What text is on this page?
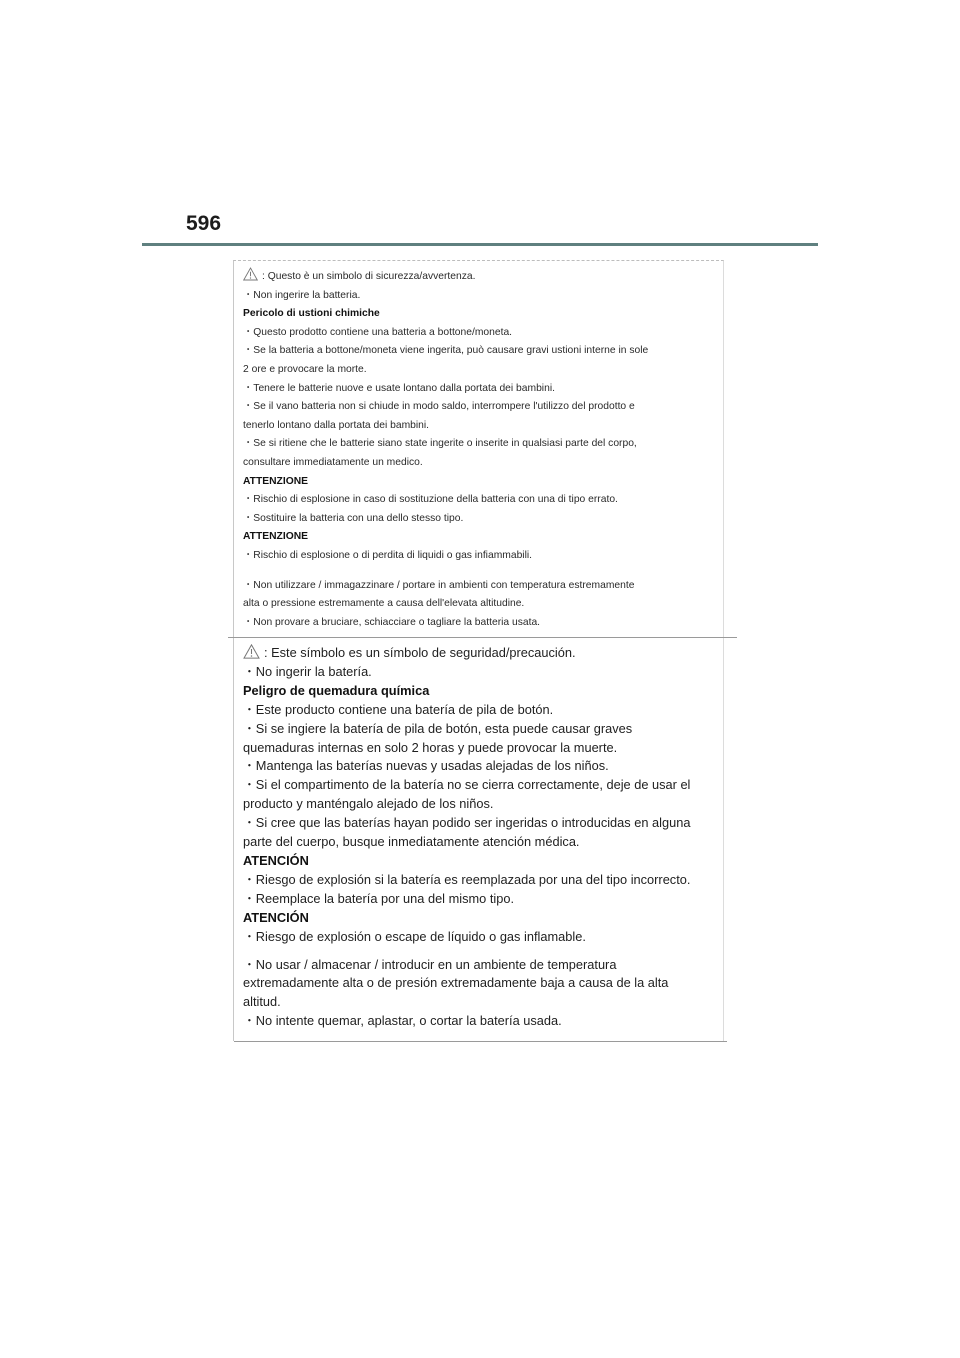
596
: Questo è un simbolo di sicurezza/avvertenza.
・Non ingerire la batteria.
Pericolo di ustioni chimiche
・Questo prodotto contiene una batteria a bottone/moneta.
・Se la batteria a bottone/moneta viene ingerita, può causare gravi ustioni interne in sole
2 ore e provocare la morte.
・Tenere le batterie nuove e usate lontano dalla portata dei bambini.
・Se il vano batteria non si chiude in modo saldo, interrompere l'utilizzo del prodotto e
tenerlo lontano dalla portata dei bambini.
・Se si ritiene che le batterie siano state ingerite o inserite in qualsiasi parte del corpo,
consultare immediatamente un medico.
ATTENZIONE
・Rischio di esplosione in caso di sostituzione della batteria con una di tipo errato.
・Sostituire la batteria con una dello stesso tipo.
ATTENZIONE
・Rischio di esplosione o di perdita di liquidi o gas infiammabili.
・Non utilizzare / immagazzinare / portare in ambienti con temperatura estremamente
alta o pressione estremamente a causa dell'elevata altitudine.
・Non provare a bruciare, schiacciare o tagliare la batteria usata.
: Este símbolo es un símbolo de seguridad/precaución.
・No ingerir la batería.
Peligro de quemadura química
・Este producto contiene una batería de pila de botón.
・Si se ingiere la batería de pila de botón, esta puede causar graves
quemaduras internas en solo 2 horas y puede provocar la muerte.
・Mantenga las baterías nuevas y usadas alejadas de los niños.
・Si el compartimento de la batería no se cierra correctamente, deje de usar el
producto y manténgalo alejado de los niños.
・Si cree que las baterías hayan podido ser ingeridas o introducidas en alguna
parte del cuerpo, busque inmediatamente atención médica.
ATENCIÓN
・Riesgo de explosión si la batería es reemplazada por una del tipo incorrecto.
・Reemplace la batería por una del mismo tipo.
ATENCIÓN
・Riesgo de explosión o escape de líquido o gas inflamable.
・No usar / almacenar / introducir en un ambiente de temperatura
extremadamente alta o de presión extremadamente baja a causa de la alta
altitud.
・No intente quemar, aplastar, o cortar la batería usada.
